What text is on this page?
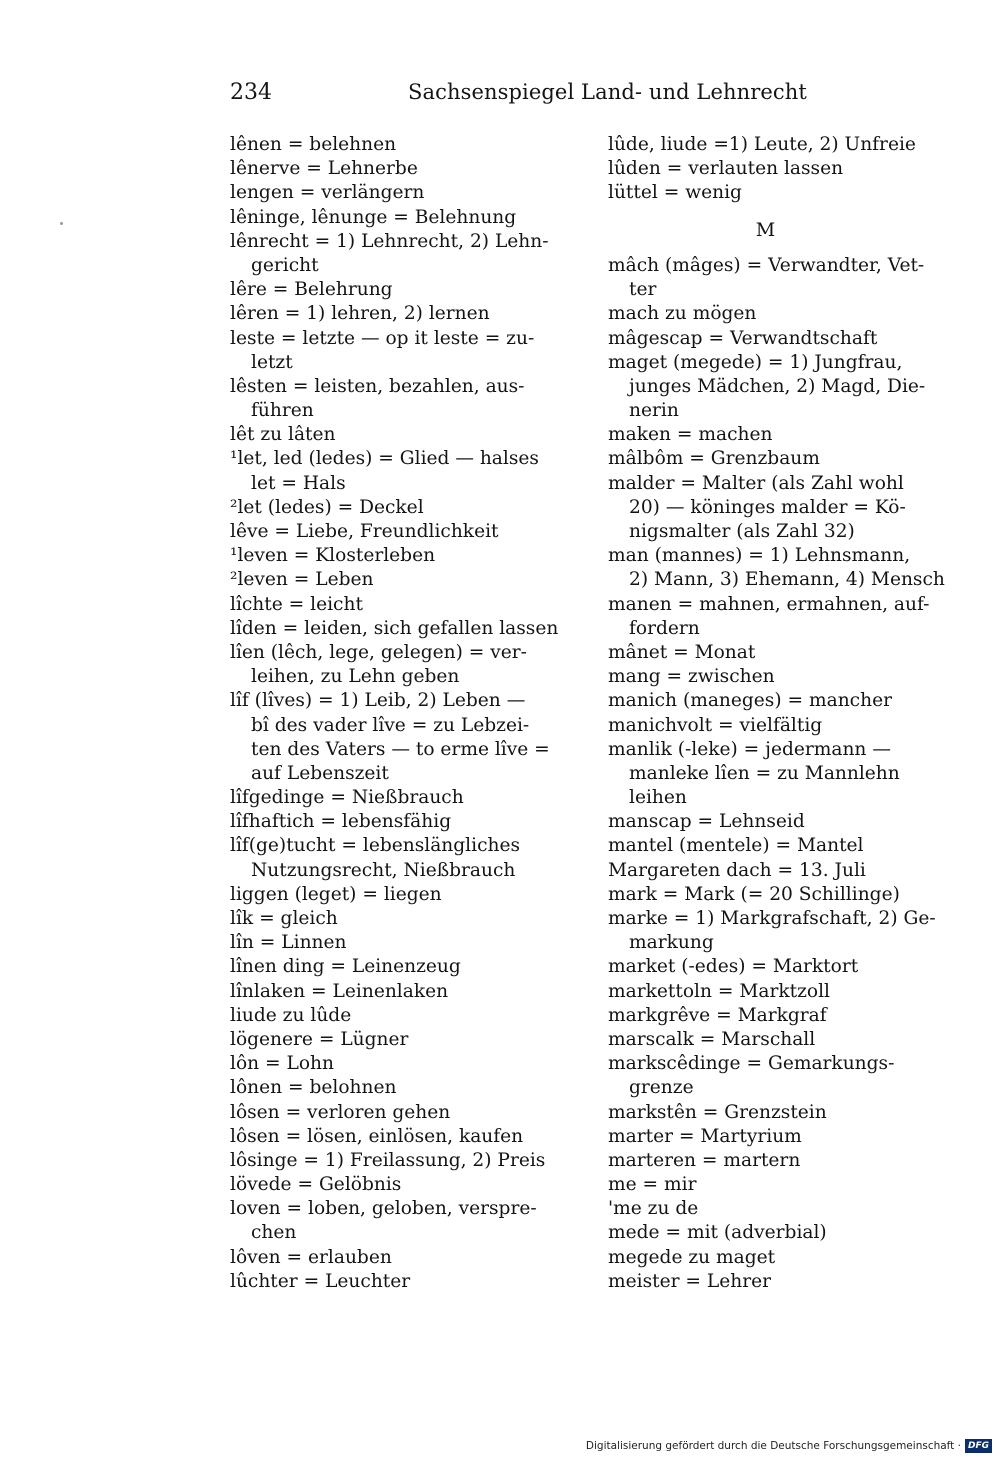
234	Sachsenspiegel Land- und Lehnrecht
lênen = belehnen
lênerve = Lehnerbe
lengen = verlängern
lêninge, lênunge = Belehnung
lênrecht = 1) Lehnrecht, 2) Lehn-
gericht
lêre = Belehrung
lêren = 1) lehren, 2) lernen
leste = letzte — op it leste = zu-
letzt
lêsten = leisten, bezahlen, aus-
führen
lêt zu lâten
¹let, led (ledes) = Glied — halses
let = Hals
²let (ledes) = Deckel
lêve = Liebe, Freundlichkeit
¹leven = Klosterleben
²leven = Leben
lîchte = leicht
lîden = leiden, sich gefallen lassen
lîen (lêch, lege, gelegen) = ver-
leihen, zu Lehn geben
lîf (lîves) = 1) Leib, 2) Leben —
bî des vader lîve = zu Lebzei-
ten des Vaters — to erme lîve =
auf Lebenszeit
lîfgedinge = Nießbrauch
lîfhaftich = lebensfähig
lîf(ge)tucht = lebenslängliches
Nutzungsrecht, Nießbrauch
liggen (leget) = liegen
lîk = gleich
lîn = Linnen
lînen ding = Leinenzeug
lînlaken = Leinenlaken
liude zu lûde
lögenere = Lügner
lôn = Lohn
lônen = belohnen
lôsen = verloren gehen
lôsen = lösen, einlösen, kaufen
lôsinge = 1) Freilassung, 2) Preis
lövede = Gelöbnis
loven = loben, geloben, verspre-
chen
lôven = erlauben
lûchter = Leuchter
lûde, liude =1) Leute, 2) Unfreie
lûden = verlauten lassen
lüttel = wenig
M
mâch (mâges) = Verwandter, Vet-
ter
mach zu mögen
mâgescap = Verwandtschaft
maget (megede) = 1) Jungfrau,
junges Mädchen, 2) Magd, Die-
nerin
maken = machen
mâlbôm = Grenzbaum
malder = Malter (als Zahl wohl
20) — köninges malder = Kö-
nigsmalter (als Zahl 32)
man (mannes) = 1) Lehnsmann,
2) Mann, 3) Ehemann, 4) Mensch
manen = mahnen, ermahnen, auf-
fordern
mânet = Monat
mang = zwischen
manich (maneges) = mancher
manichvolt = vielfältig
manlik (-leke) = jedermann —
manleke lîen = zu Mannlehn
leihen
manscap = Lehnseid
mantel (mentele) = Mantel
Margareten dach = 13. Juli
mark = Mark (= 20 Schillinge)
marke = 1) Markgrafschaft, 2) Ge-
markung
market (-edes) = Marktort
markettoln = Marktzoll
markgrêve = Markgraf
marscalk = Marschall
markscêdinge = Gemarkungs-
grenze
markstên = Grenzstein
marter = Martyrium
marteren = martern
me = mir
'me zu de
mede = mit (adverbial)
megede zu maget
meister = Lehrer
Digitalisierung gefördert durch die Deutsche Forschungsgemeinschaft · DFG
